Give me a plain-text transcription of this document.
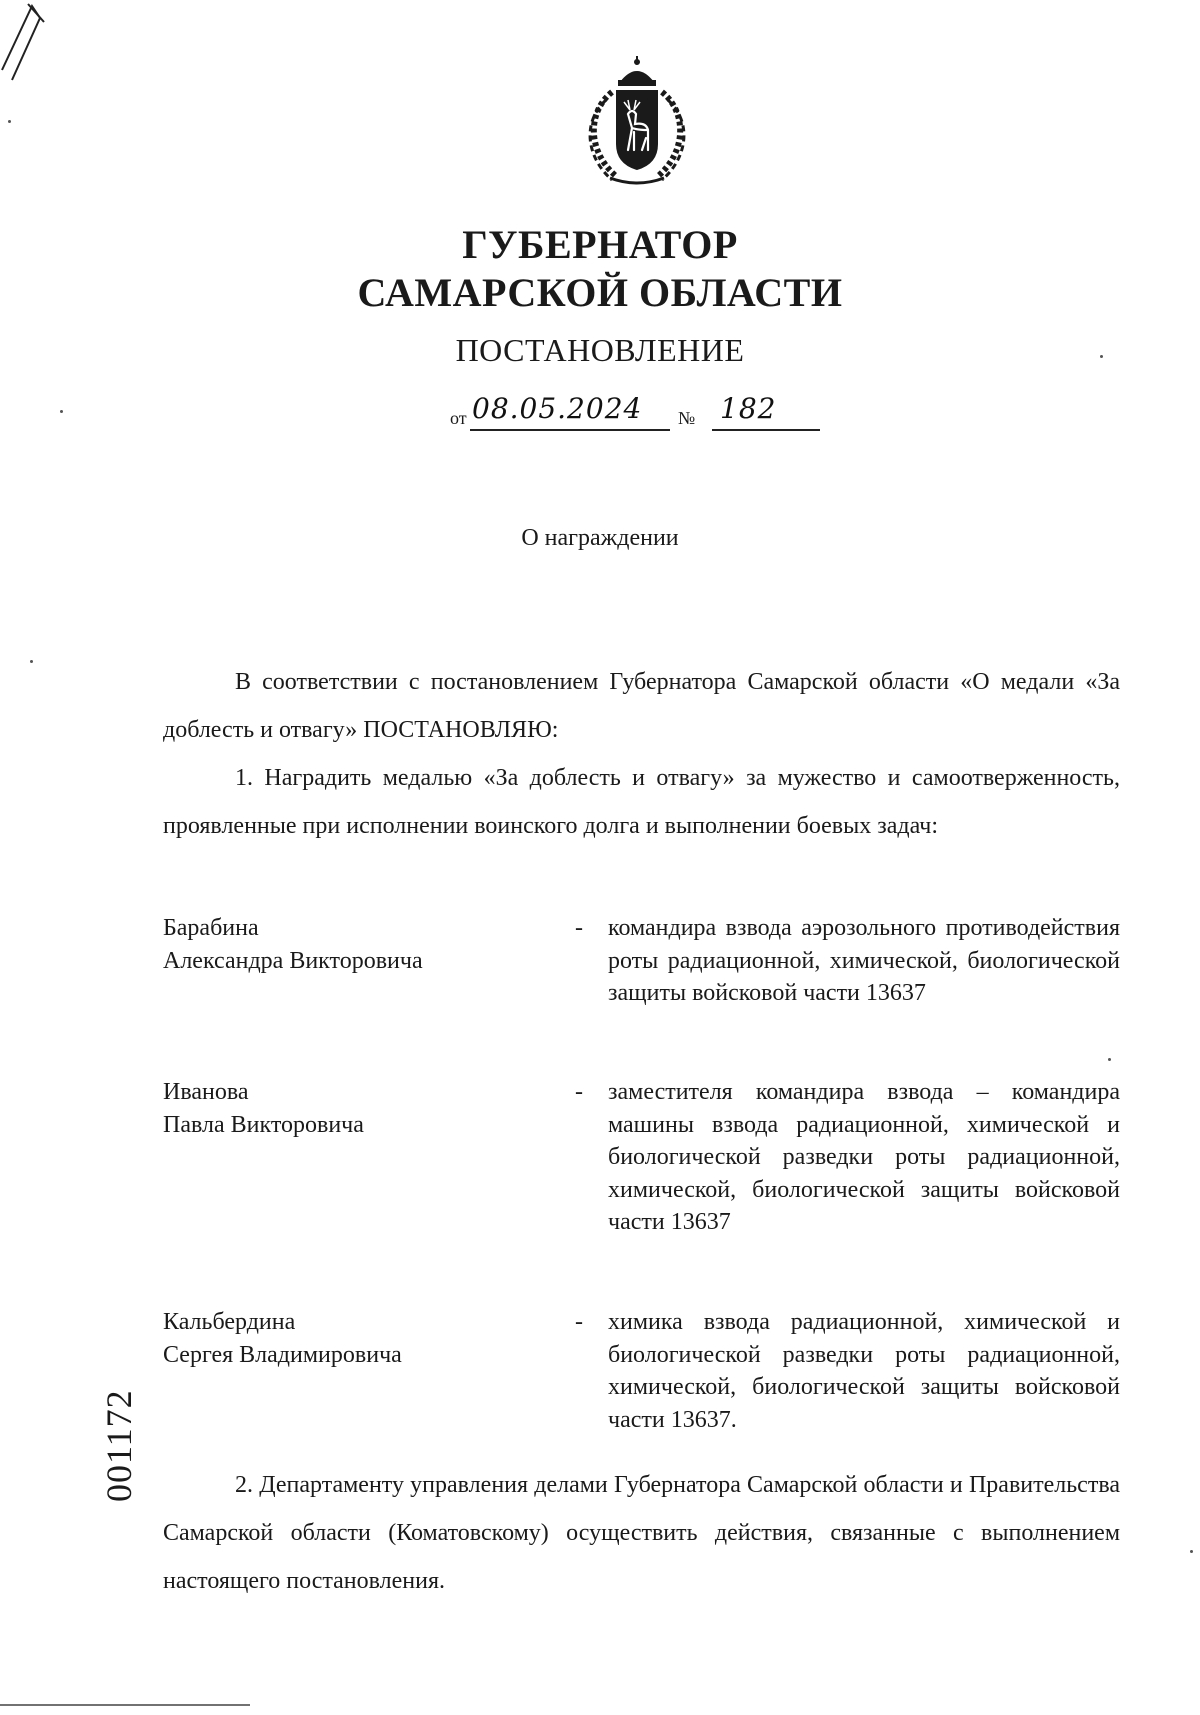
ГУБЕРНАТОР
САМАРСКОЙ ОБЛАСТИ
ПОСТАНОВЛЕНИЕ
от 08.05.2024 № 182
О награждении
В соответствии с постановлением Губернатора Самарской области «О медали «За доблесть и отвагу» ПОСТАНОВЛЯЮ:
1. Наградить медалью «За доблесть и отвагу» за мужество и самоотверженность, проявленные при исполнении воинского долга и выполнении боевых задач:
Барабина
Александра Викторовича
- командира взвода аэрозольного противодействия роты радиационной, химической, биологической защиты войсковой части 13637
Иванова
Павла Викторовича
- заместителя командира взвода – командира машины взвода радиационной, химической и биологической разведки роты радиационной, химической, биологической защиты войсковой части 13637
Кальбердина
Сергея Владимировича
- химика взвода радиационной, химической и биологической разведки роты радиационной, химической, биологической защиты войсковой части 13637.
2. Департаменту управления делами Губернатора Самарской области и Правительства Самарской области (Коматовскому) осуществить действия, связанные с выполнением настоящего постановления.
001172
